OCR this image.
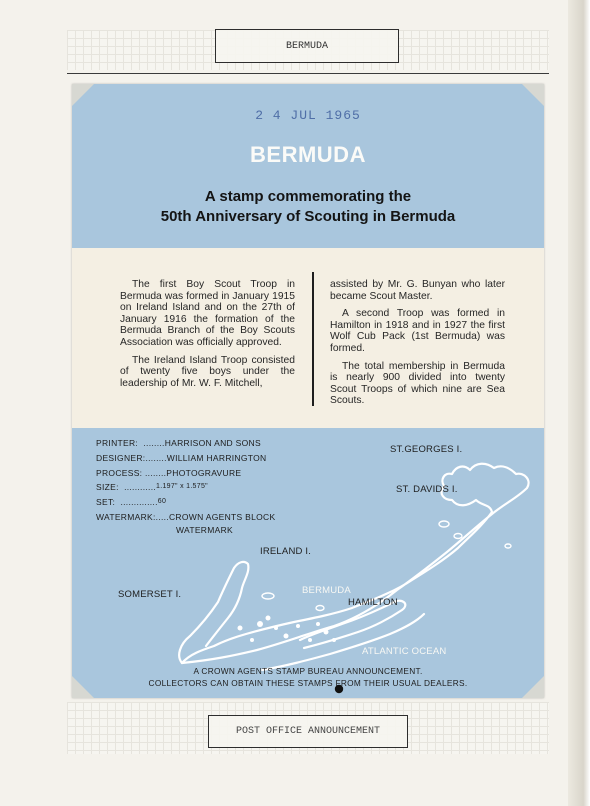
BERMUDA
2 4 JUL 1965
BERMUDA
A stamp commemorating the
50th Anniversary of Scouting in Bermuda

The first Boy Scout Troop in Bermuda was formed in January 1915 on Ireland Island and on the 27th of January 1916 the formation of the Bermuda Branch of the Boy Scouts Association was officially approved.

The Ireland Island Troop consisted of twenty five boys under the leadership of Mr. W. F. Mitchell,

assisted by Mr. G. Bunyan who later became Scout Master.

A second Troop was formed in Hamilton in 1918 and in 1927 the first Wolf Cub Pack (1st Bermuda) was formed.

The total membership in Bermuda is nearly 900 divided into twenty Scout Troops of which nine are Sea Scouts.

PRINTER:  ........ HARRISON AND SONS
DESIGNER:........ WILLIAM HARRINGTON
PROCESS: ........ PHOTOGRAVURE
SIZE:  ............ 1.197" x 1.575"
SET:  .............. 60
WATERMARK:..... CROWN AGENTS BLOCK
WATERMARK
ST.GEORGES I.
ST. DAVIDS I.
IRELAND I.
SOMERSET I.	BERMUDA
HAMILTON
ATLANTIC OCEAN
A CROWN AGENTS STAMP BUREAU ANNOUNCEMENT.
COLLECTORS CAN OBTAIN THESE STAMPS FROM THEIR USUAL DEALERS.
POST OFFICE ANNOUNCEMENT
